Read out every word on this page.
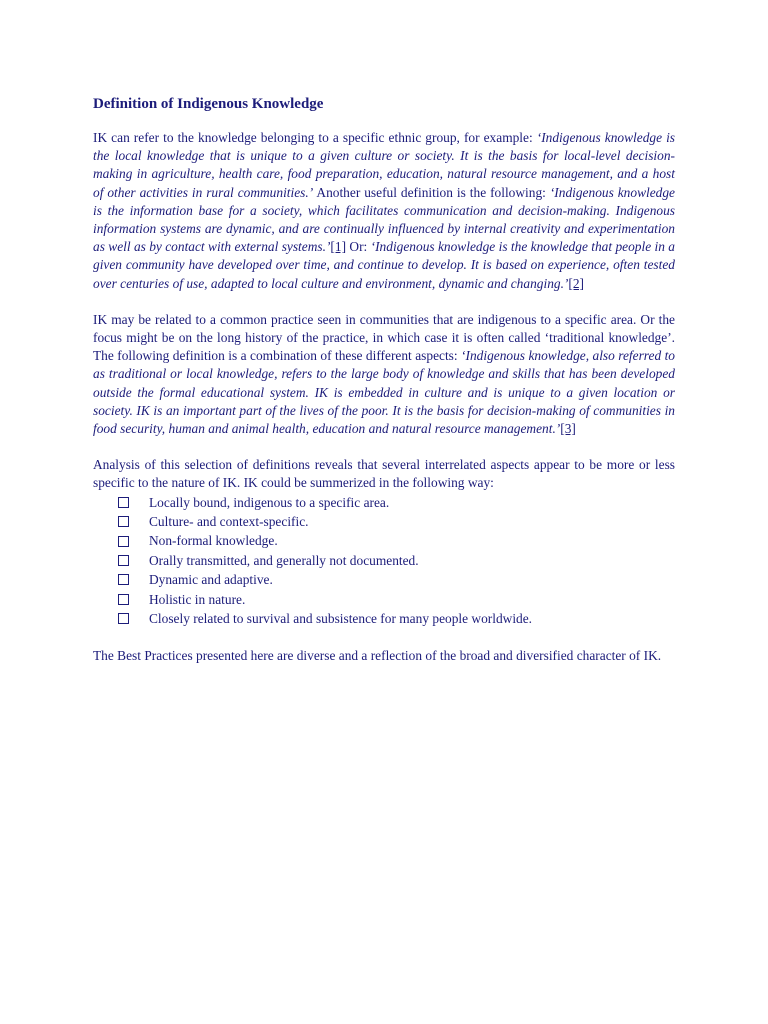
Definition of Indigenous Knowledge

IK can refer to the knowledge belonging to a specific ethnic group, for example: ‘Indigenous knowledge is the local knowledge that is unique to a given culture or society. It is the basis for local-level decision-making in agriculture, health care, food preparation, education, natural resource management, and a host of other activities in rural communities.’ Another useful definition is the following: ‘Indigenous knowledge is the information base for a society, which facilitates communication and decision-making. Indigenous information systems are dynamic, and are continually influenced by internal creativity and experimentation as well as by contact with external systems.’[1] Or: ‘Indigenous knowledge is the knowledge that people in a given community have developed over time, and continue to develop. It is based on experience, often tested over centuries of use, adapted to local culture and environment, dynamic and changing.’[2]

IK may be related to a common practice seen in communities that are indigenous to a specific area. Or the focus might be on the long history of the practice, in which case it is often called ‘traditional knowledge’. The following definition is a combination of these different aspects: ‘Indigenous knowledge, also referred to as traditional or local knowledge, refers to the large body of knowledge and skills that has been developed outside the formal educational system. IK is embedded in culture and is unique to a given location or society. IK is an important part of the lives of the poor. It is the basis for decision-making of communities in food security, human and animal health, education and natural resource management.’[3]

Analysis of this selection of definitions reveals that several interrelated aspects appear to be more or less specific to the nature of IK. IK could be summerized in the following way:

Locally bound, indigenous to a specific area.
Culture- and context-specific.
Non-formal knowledge.
Orally transmitted, and generally not documented.
Dynamic and adaptive.
Holistic in nature.
Closely related to survival and subsistence for many people worldwide.

The Best Practices presented here are diverse and a reflection of the broad and diversified character of IK.
